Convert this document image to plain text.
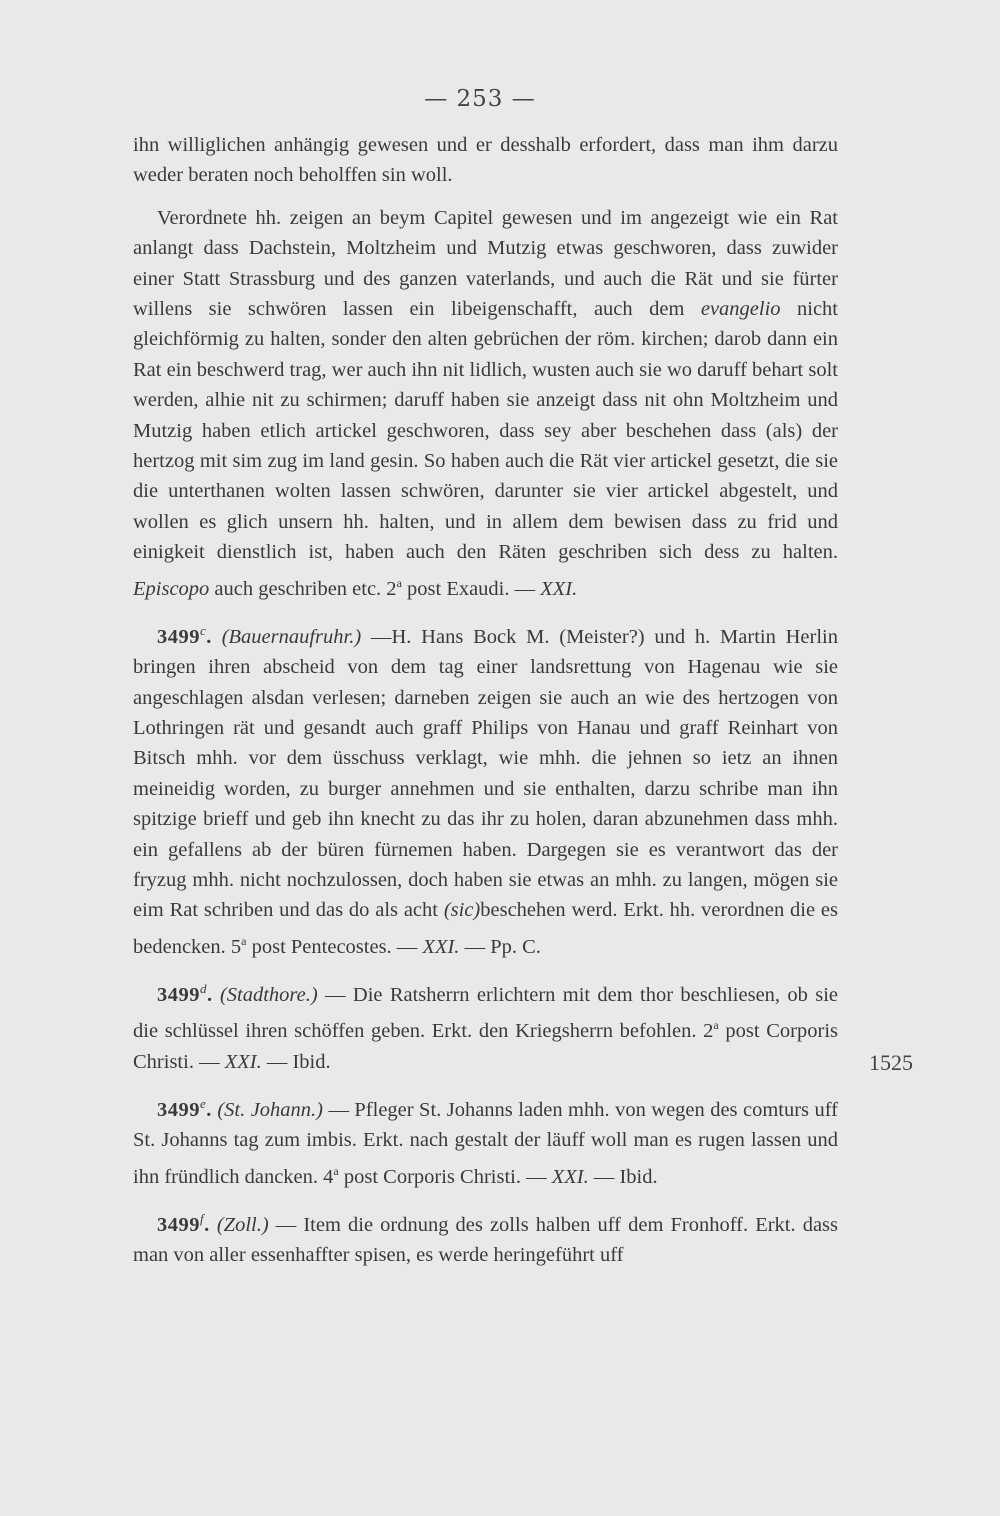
— 253 —
1525

ihn williglichen anhängig gewesen und er desshalb erfordert, dass man ihm darzu weder beraten noch beholffen sin woll.

Verordnete hh. zeigen an beym Capitel gewesen und im angezeigt wie ein Rat anlangt dass Dachstein, Moltzheim und Mutzig etwas geschworen, dass zuwider einer Statt Strassburg und des ganzen vaterlands, und auch die Rät und sie fürter willens sie schwören lassen ein libeigenschafft, auch dem evangelio nicht gleichförmig zu halten, sonder den alten gebrüchen der röm. kirchen; darob dann ein Rat ein beschwerd trag, wer auch ihn nit lidlich, wusten auch sie wo daruff behart solt werden, alhie nit zu schirmen; daruff haben sie anzeigt dass nit ohn Moltzheim und Mutzig haben etlich artickel geschworen, dass sey aber beschehen dass (als) der hertzog mit sim zug im land gesin. So haben auch die Rät vier artickel gesetzt, die sie die unterthanen wolten lassen schwören, darunter sie vier artickel abgestelt, und wollen es glich unsern hh. halten, und in allem dem bewisen dass zu frid und einigkeit dienstlich ist, haben auch den Räten geschriben sich dess zu halten. Episcopo auch geschriben etc. 2$^a$ post Exaudi. — XXI.

3499$^c$. (Bauernaufruhr.) —H. Hans Bock M. (Meister?) und h. Martin Herlin bringen ihren abscheid von dem tag einer landsrettung von Hagenau wie sie angeschlagen alsdan verlesen; darneben zeigen sie auch an wie des hertzogen von Lothringen rät und gesandt auch graff Philips von Hanau und graff Reinhart von Bitsch mhh. vor dem üsschuss verklagt, wie mhh. die jehnen so ietz an ihnen meineidig worden, zu burger annehmen und sie enthalten, darzu schribe man ihn spitzige brieff und geb ihn knecht zu das ihr zu holen, daran abzunehmen dass mhh. ein gefallens ab der büren fürnemen haben. Dargegen sie es verantwort das der fryzug mhh. nicht nochzulossen, doch haben sie etwas an mhh. zu langen, mögen sie eim Rat schriben und das do als acht (sic)beschehen werd. Erkt. hh. verordnen die es bedencken. 5$^a$ post Pentecostes. — XXI. — Pp. C.

3499$^d$. (Stadthore.) — Die Ratsherrn erlichtern mit dem thor beschliesen, ob sie die schlüssel ihren schöffen geben. Erkt. den Kriegsherrn befohlen. 2$^a$ post Corporis Christi. — XXI. — Ibid.

3499e. (St. Johann.) — Pfleger St. Johanns laden mhh. von wegen des comturs uff St. Johanns tag zum imbis. Erkt. nach gestalt der läuff woll man es rugen lassen und ihn fründlich dancken. 4$^a$ post Corporis Christi. — XXI. — Ibid.

3499$^f$. (Zoll.) — Item die ordnung des zolls halben uff dem Fronhoff. Erkt. dass man von aller essenhaffter spisen, es werde heringeführt uff
